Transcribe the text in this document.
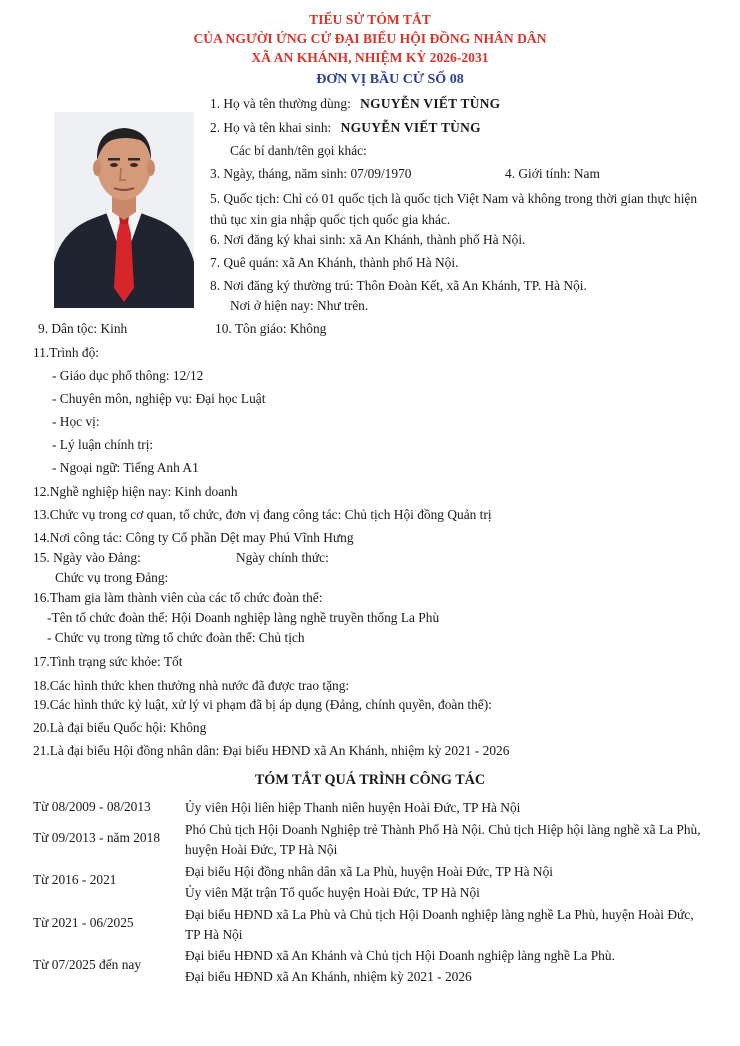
TIỂU SỬ TÓM TẮT
CỦA NGƯỜI ỨNG CỬ ĐẠI BIỂU HỘI ĐỒNG NHÂN DÂN
XÃ AN KHÁNH, NHIỆM KỲ 2026-2031
ĐƠN VỊ BẦU CỬ SỐ 08
1. Họ và tên thường dùng: NGUYỄN VIẾT TÙNG
2. Họ và tên khai sinh: NGUYỄN VIẾT TÙNG
Các bí danh/tên gọi khác:
3. Ngày, tháng, năm sinh: 07/09/1970	4. Giới tính: Nam
5. Quốc tịch: Chỉ có 01 quốc tịch là quốc tịch Việt Nam và không trong thời gian thực hiện thủ tục xin gia nhập quốc tịch quốc gia khác.
6. Nơi đăng ký khai sinh: xã An Khánh, thành phố Hà Nội.
7. Quê quán: xã An Khánh, thành phố Hà Nội.
8. Nơi đăng ký thường trú: Thôn Đoàn Kết, xã An Khánh, TP. Hà Nội.
Nơi ở hiện nay: Như trên.
9. Dân tộc: Kinh	10. Tôn giáo: Không
11.Trình độ:
- Giáo dục phổ thông: 12/12
- Chuyên môn, nghiệp vụ: Đại học Luật
- Học vị:
- Lý luận chính trị:
- Ngoại ngữ: Tiếng Anh A1
12.Nghề nghiệp hiện nay: Kinh doanh
13.Chức vụ trong cơ quan, tổ chức, đơn vị đang công tác: Chủ tịch Hội đồng Quản trị
14.Nơi công tác: Công ty Cổ phần Dệt may Phú Vĩnh Hưng
15. Ngày vào Đảng:	Ngày chính thức:
Chức vụ trong Đảng:
16.Tham gia làm thành viên của các tổ chức đoàn thể:
-Tên tổ chức đoàn thể: Hội Doanh nghiệp làng nghề truyền thống La Phù
- Chức vụ trong từng tổ chức đoàn thể: Chủ tịch
17.Tình trạng sức khỏe: Tốt
18.Các hình thức khen thưởng nhà nước đã được trao tặng:
19.Các hình thức kỷ luật, xử lý vi phạm đã bị áp dụng (Đảng, chính quyền, đoàn thể):
20.Là đại biểu Quốc hội: Không
21.Là đại biểu Hội đồng nhân dân: Đại biểu HĐND xã An Khánh, nhiệm kỳ 2021 - 2026
TÓM TẮT QUÁ TRÌNH CÔNG TÁC
Từ 08/2009 - 08/2013	Ủy viên Hội liên hiệp Thanh niên huyện Hoài Đức, TP Hà Nội
Từ 09/2013 - năm 2018
Phó Chủ tịch Hội Doanh Nghiệp trẻ Thành Phố Hà Nội. Chủ tịch Hiệp hội làng nghề xã La Phù, huyện Hoài Đức, TP Hà Nội
Từ 2016 - 2021
Đại biểu Hội đồng nhân dân xã La Phù, huyện Hoài Đức, TP Hà Nội
Ủy viên Mặt trận Tổ quốc huyện Hoài Đức, TP Hà Nội
Từ 2021 - 06/2025
Đại biểu HĐND xã La Phù và Chủ tịch Hội Doanh nghiệp làng nghề La Phù, huyện Hoài Đức, TP Hà Nội
Từ 07/2025 đến nay
Đại biểu HĐND xã An Khánh và Chủ tịch Hội Doanh nghiệp làng nghề La Phù.
Đại biểu HĐND xã An Khánh, nhiệm kỳ 2021 - 2026
